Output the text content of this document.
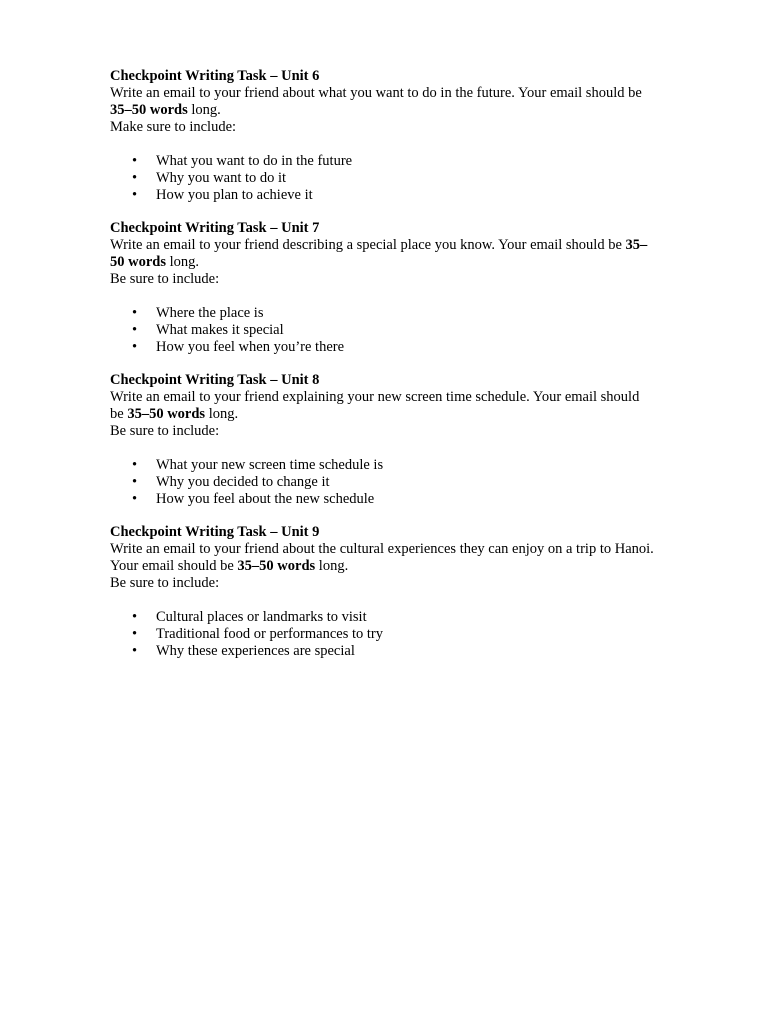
Checkpoint Writing Task – Unit 6
Write an email to your friend about what you want to do in the future. Your email should be
35–50 words long.
Make sure to include:
• What you want to do in the future
• Why you want to do it
• How you plan to achieve it
Checkpoint Writing Task – Unit 7
Write an email to your friend describing a special place you know. Your email should be 35–
50 words long.
Be sure to include:
• Where the place is
• What makes it special
• How you feel when you’re there
Checkpoint Writing Task – Unit 8
Write an email to your friend explaining your new screen time schedule. Your email should
be 35–50 words long.
Be sure to include:
• What your new screen time schedule is
• Why you decided to change it
• How you feel about the new schedule
Checkpoint Writing Task – Unit 9
Write an email to your friend about the cultural experiences they can enjoy on a trip to Hanoi.
Your email should be 35–50 words long.
Be sure to include:
• Cultural places or landmarks to visit
• Traditional food or performances to try
• Why these experiences are special
